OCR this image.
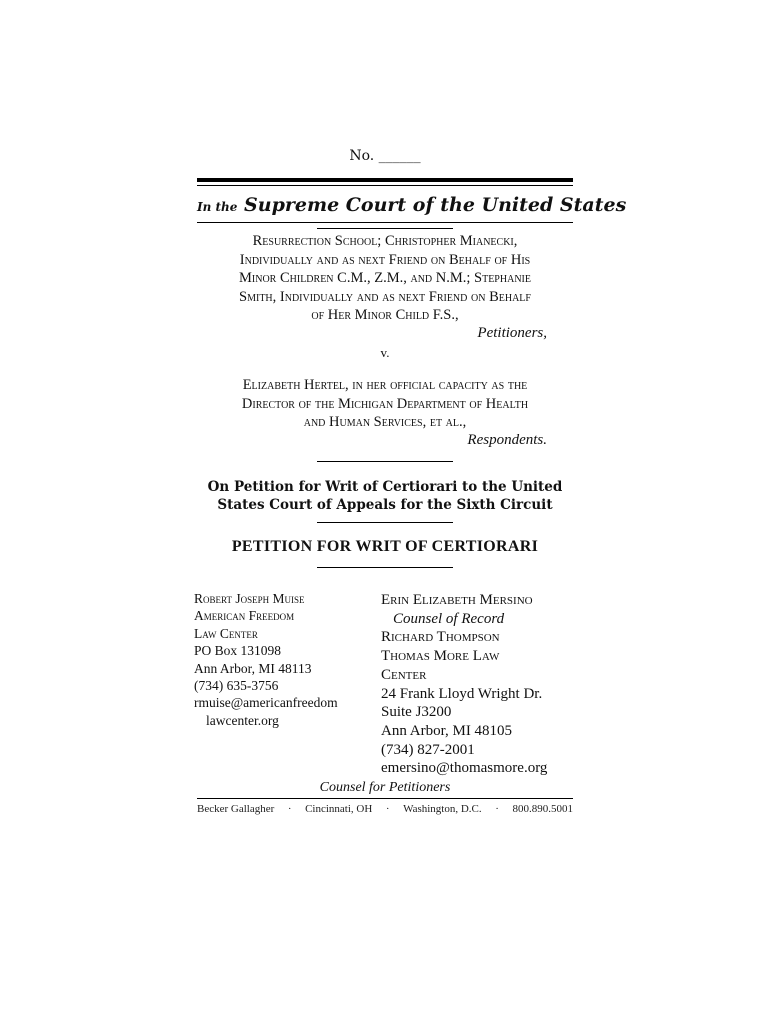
No. ______
In the Supreme Court of the United States
Resurrection School; Christopher Mianecki,
Individually and as next Friend on Behalf of His
Minor Children C.M., Z.M., and N.M.; Stephanie
Smith, Individually and as next Friend on Behalf
of Her Minor Child F.S.,
Petitioners,
v.
Elizabeth Hertel, in her official capacity as the
Director of the Michigan Department of Health
and Human Services, et al.,
Respondents.
On Petition for Writ of Certiorari to the United
States Court of Appeals for the Sixth Circuit
PETITION FOR WRIT OF CERTIORARI
Robert Joseph Muise
American Freedom
Law Center
PO Box 131098
Ann Arbor, MI 48113
(734) 635-3756
rmuise@americanfreedom
lawcenter.org
Erin Elizabeth Mersino
Counsel of Record
Richard Thompson
Thomas More Law
Center
24 Frank Lloyd Wright Dr.
Suite J3200
Ann Arbor, MI 48105
(734) 827-2001
emersino@thomasmore.org
Counsel for Petitioners
Becker Gallagher · Cincinnati, OH · Washington, D.C. · 800.890.5001
